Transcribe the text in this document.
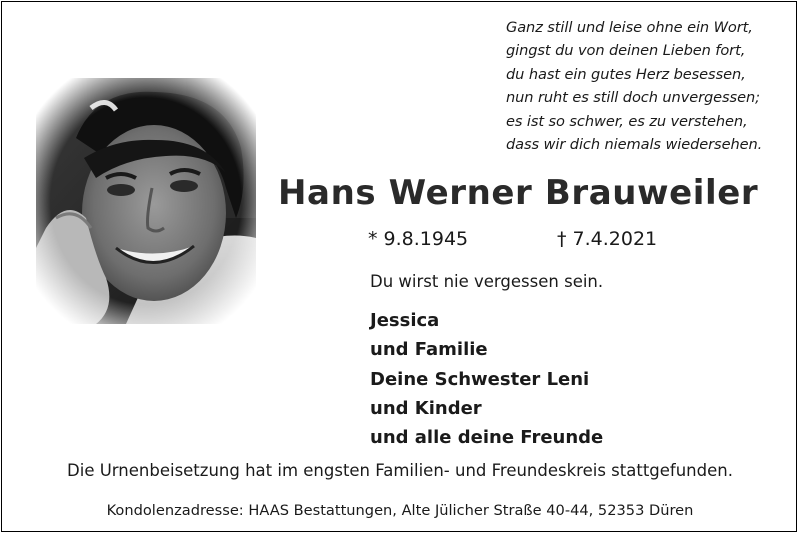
Ganz still und leise ohne ein Wort,
gingst du von deinen Lieben fort,
du hast ein gutes Herz besessen,
nun ruht es still doch unvergessen;
es ist so schwer, es zu verstehen,
dass wir dich niemals wiedersehen.
Hans Werner Brauweiler
* 9.8.1945	† 7.4.2021
Du wirst nie vergessen sein.
Jessica
und Familie
Deine Schwester Leni
und Kinder
und alle deine Freunde
Die Urnenbeisetzung hat im engsten Familien- und Freundeskreis stattgefunden.
Kondolenzadresse: HAAS Bestattungen, Alte Jülicher Straße 40-44, 52353 Düren
